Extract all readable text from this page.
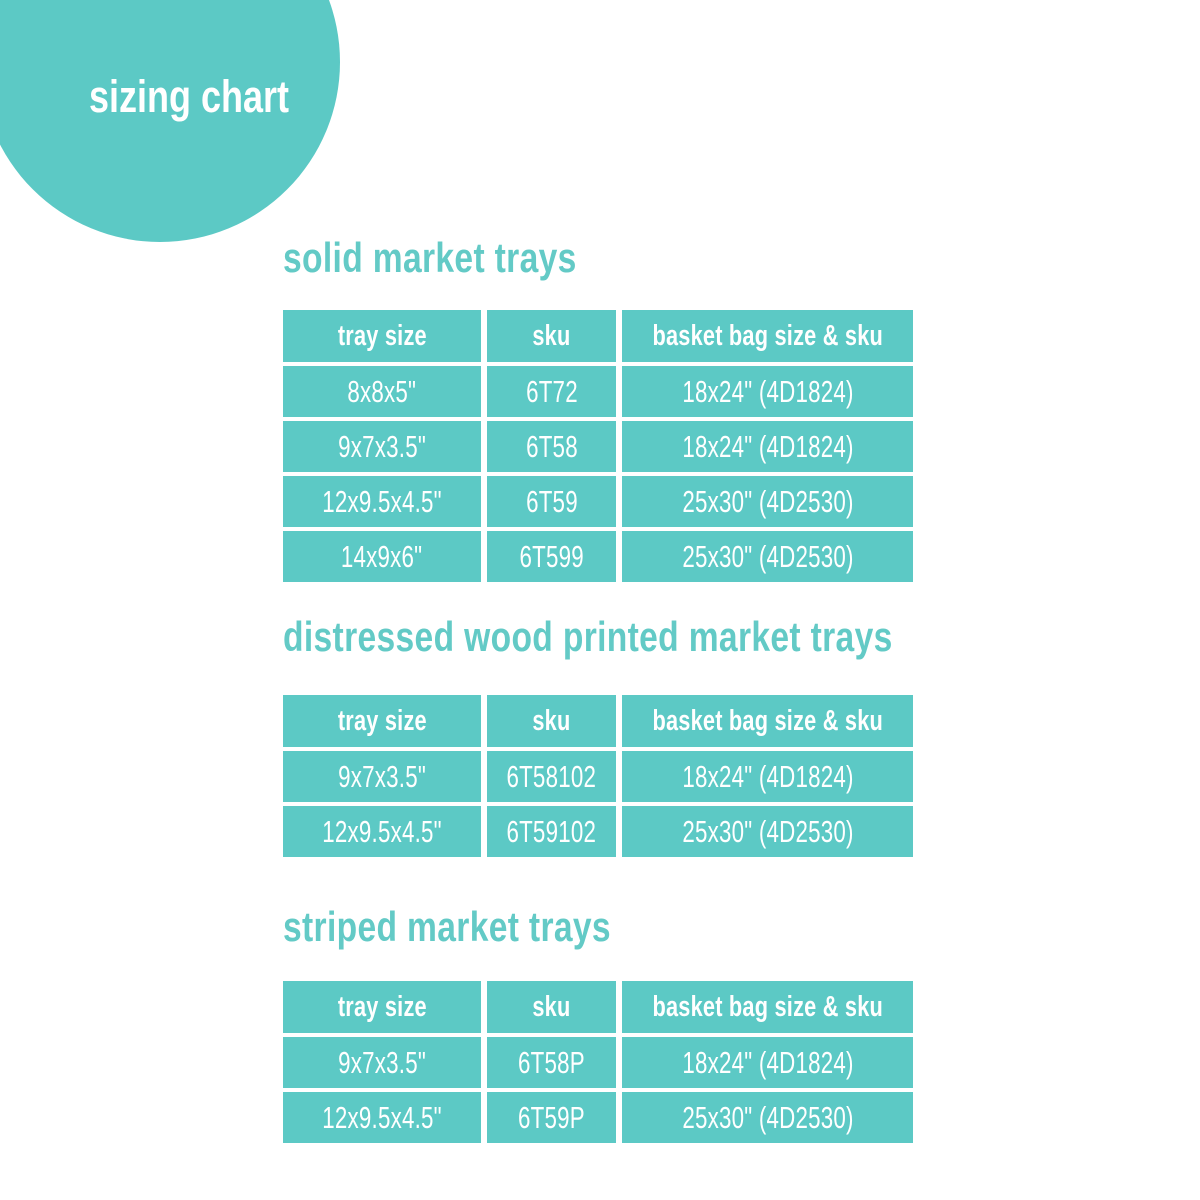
sizing chart
solid market trays
tray size	sku	basket bag size & sku
8x8x5"	6T72	18x24" (4D1824)
9x7x3.5"	6T58	18x24" (4D1824)
12x9.5x4.5"	6T59	25x30" (4D2530)
14x9x6"	6T599	25x30" (4D2530)
distressed wood printed market trays
tray size	sku	basket bag size & sku
9x7x3.5"	6T58102	18x24" (4D1824)
12x9.5x4.5" 6T59102	25x30" (4D2530)
striped market trays
tray size	sku	basket bag size & sku
9x7x3.5"	6T58P	18x24" (4D1824)
12x9.5x4.5" 6T59P	25x30" (4D2530)
